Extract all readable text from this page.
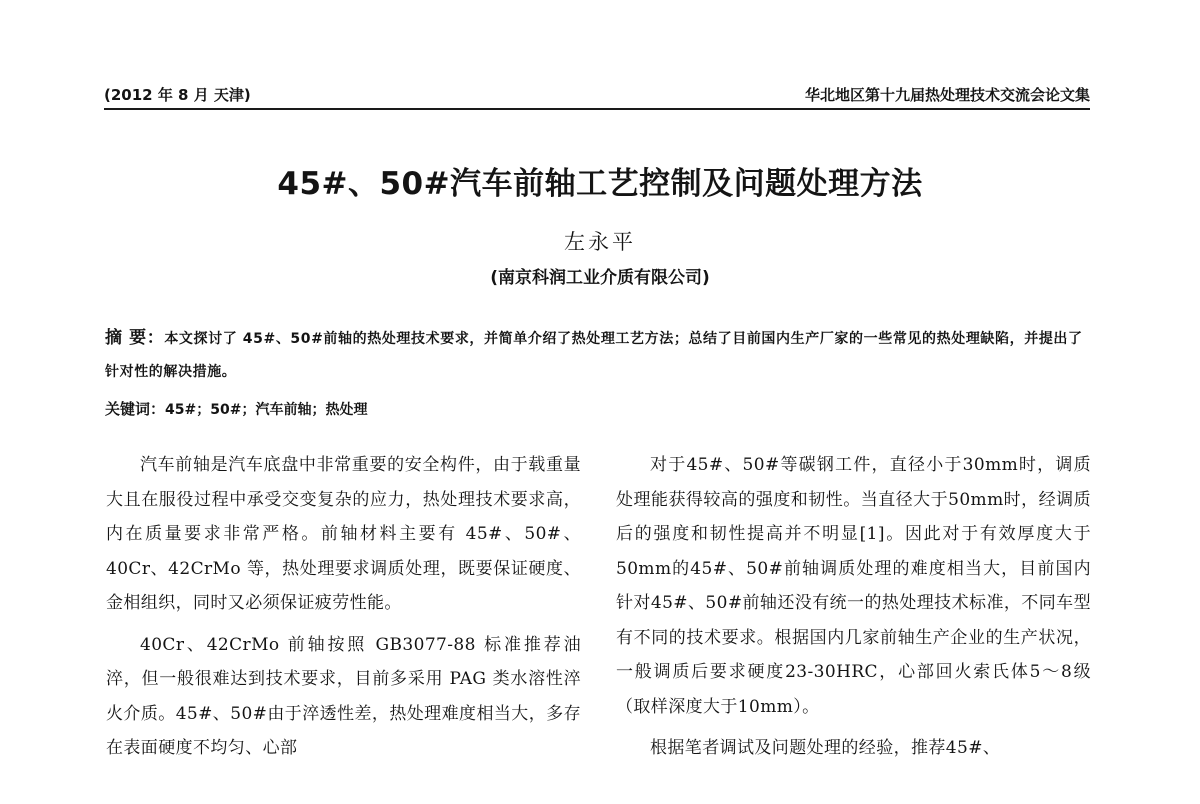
(2012 年 8 月 天津)	华北地区第十九届热处理技术交流会论文集
45#、50#汽车前轴工艺控制及问题处理方法
左永平
(南京科润工业介质有限公司)
摘 要：本文探讨了 45#、50#前轴的热处理技术要求，并简单介绍了热处理工艺方法；总结了目前国内生产厂家的一些常见的热处理缺陷，并提出了针对性的解决措施。
关键词：45#；50#；汽车前轴；热处理

汽车前轴是汽车底盘中非常重要的安全构件，由于载重量大且在服役过程中承受交变复杂的应力，热处理技术要求高，内在质量要求非常严格。前轴材料主要有 45#、50#、40Cr、42CrMo 等，热处理要求调质处理，既要保证硬度、金相组织，同时又必须保证疲劳性能。

40Cr、42CrMo 前轴按照 GB3077-88 标准推荐油淬，但一般很难达到技术要求，目前多采用 PAG 类水溶性淬火介质。45#、50#由于淬透性差，热处理难度相当大，多存在表面硬度不均匀、心部

对于45#、50#等碳钢工件，直径小于30mm时，调质处理能获得较高的强度和韧性。当直径大于50mm时，经调质后的强度和韧性提高并不明显[1]。因此对于有效厚度大于50mm的45#、50#前轴调质处理的难度相当大，目前国内针对45#、50#前轴还没有统一的热处理技术标准，不同车型有不同的技术要求。根据国内几家前轴生产企业的生产状况，一般调质后要求硬度23-30HRC，心部回火索氏体5～8级（取样深度大于10mm）。

根据笔者调试及问题处理的经验，推荐45#、
